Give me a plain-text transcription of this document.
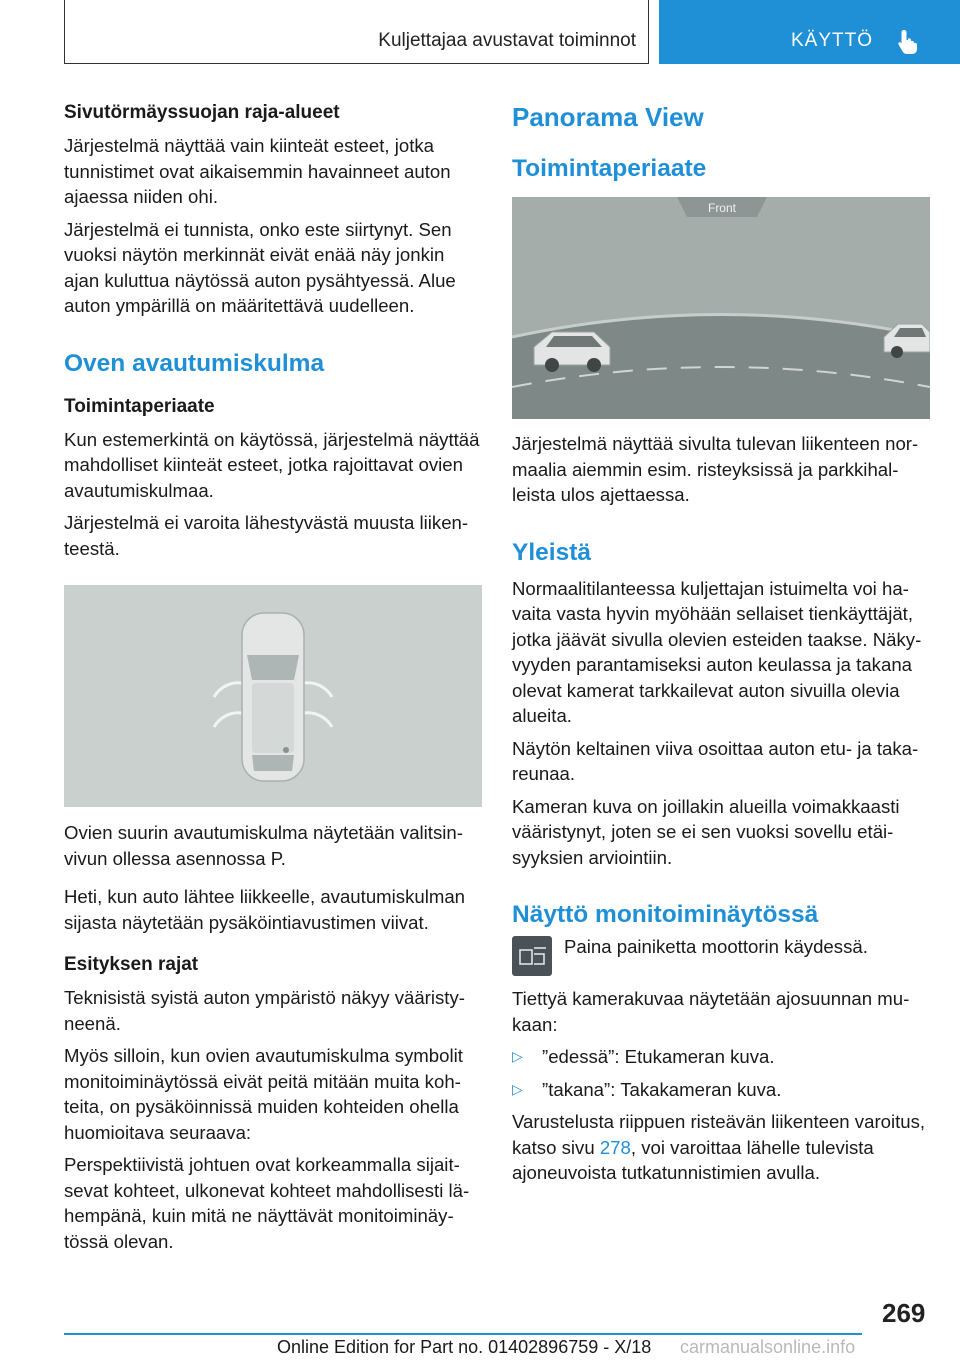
Kuljettajaa avustavat toiminnot	KÄYTTÖ
Sivutörmäyssuojan raja-alueet

Järjestelmä näyttää vain kiinteät esteet, jotka tunnistimet ovat aikaisemmin havainneet auton ajaessa niiden ohi.

Järjestelmä ei tunnista, onko este siirtynyt. Sen vuoksi näytön merkinnät eivät enää näy jonkin ajan kuluttua näytössä auton pysähtyessä. Alue auton ympärillä on määritettävä uudelleen.

Oven avautumiskulma
Toimintaperiaate

Kun estemerkintä on käytössä, järjestelmä näyttää mahdolliset kiinteät esteet, jotka rajoittavat ovien avautumiskulmaa.

Järjestelmä ei varoita lähestyvästä muusta liikenteestä.

Ovien suurin avautumiskulma näytetään valitsinvivun ollessa asennossa P.

Heti, kun auto lähtee liikkeelle, avautumiskulman sijasta näytetään pysäköintiavustimen viivat.

Esityksen rajat

Teknisistä syistä auton ympäristö näkyy vääristyneenä.

Myös silloin, kun ovien avautumiskulma symbolit monitoiminäytössä eivät peitä mitään muita kohteita, on pysäköinnissä muiden kohteiden ohella huomioitava seuraava:

Perspektiivistä johtuen ovat korkeammalla sijaitsevat kohteet, ulkonevat kohteet mahdollisesti lähempänä, kuin mitä ne näyttävät monitoiminäytössä olevan.

Panorama View
Toimintaperiaate
Front

Järjestelmä näyttää sivulta tulevan liikenteen normaalia aiemmin esim. risteyksissä ja parkkihalleista ulos ajettaessa.

Yleistä

Normaalitilanteessa kuljettajan istuimelta voi havaita vasta hyvin myöhään sellaiset tienkäyttäjät, jotka jäävät sivulla olevien esteiden taakse. Näkyvyyden parantamiseksi auton keulassa ja takana olevat kamerat tarkkailevat auton sivuilla olevia alueita.

Näytön keltainen viiva osoittaa auton etu- ja takareunaa.

Kameran kuva on joillakin alueilla voimakkaasti vääristynyt, joten se ei sen vuoksi sovellu etäisyyksien arviointiin.

Näyttö monitoiminäytössä

Paina painiketta moottorin käydessä.

Tiettyä kamerakuvaa näytetään ajosuunnan mukaan:

▷	”edessä”: Etukameran kuva.

▷	”takana”: Takakameran kuva.

Varustelusta riippuen risteävän liikenteen varoitus, katso sivu 278, voi varoittaa lähelle tulevista ajoneuvoista tutkatunnistimien avulla.

269
Online Edition for Part no. 01402896759 - X/18 carmanualsonline.info
